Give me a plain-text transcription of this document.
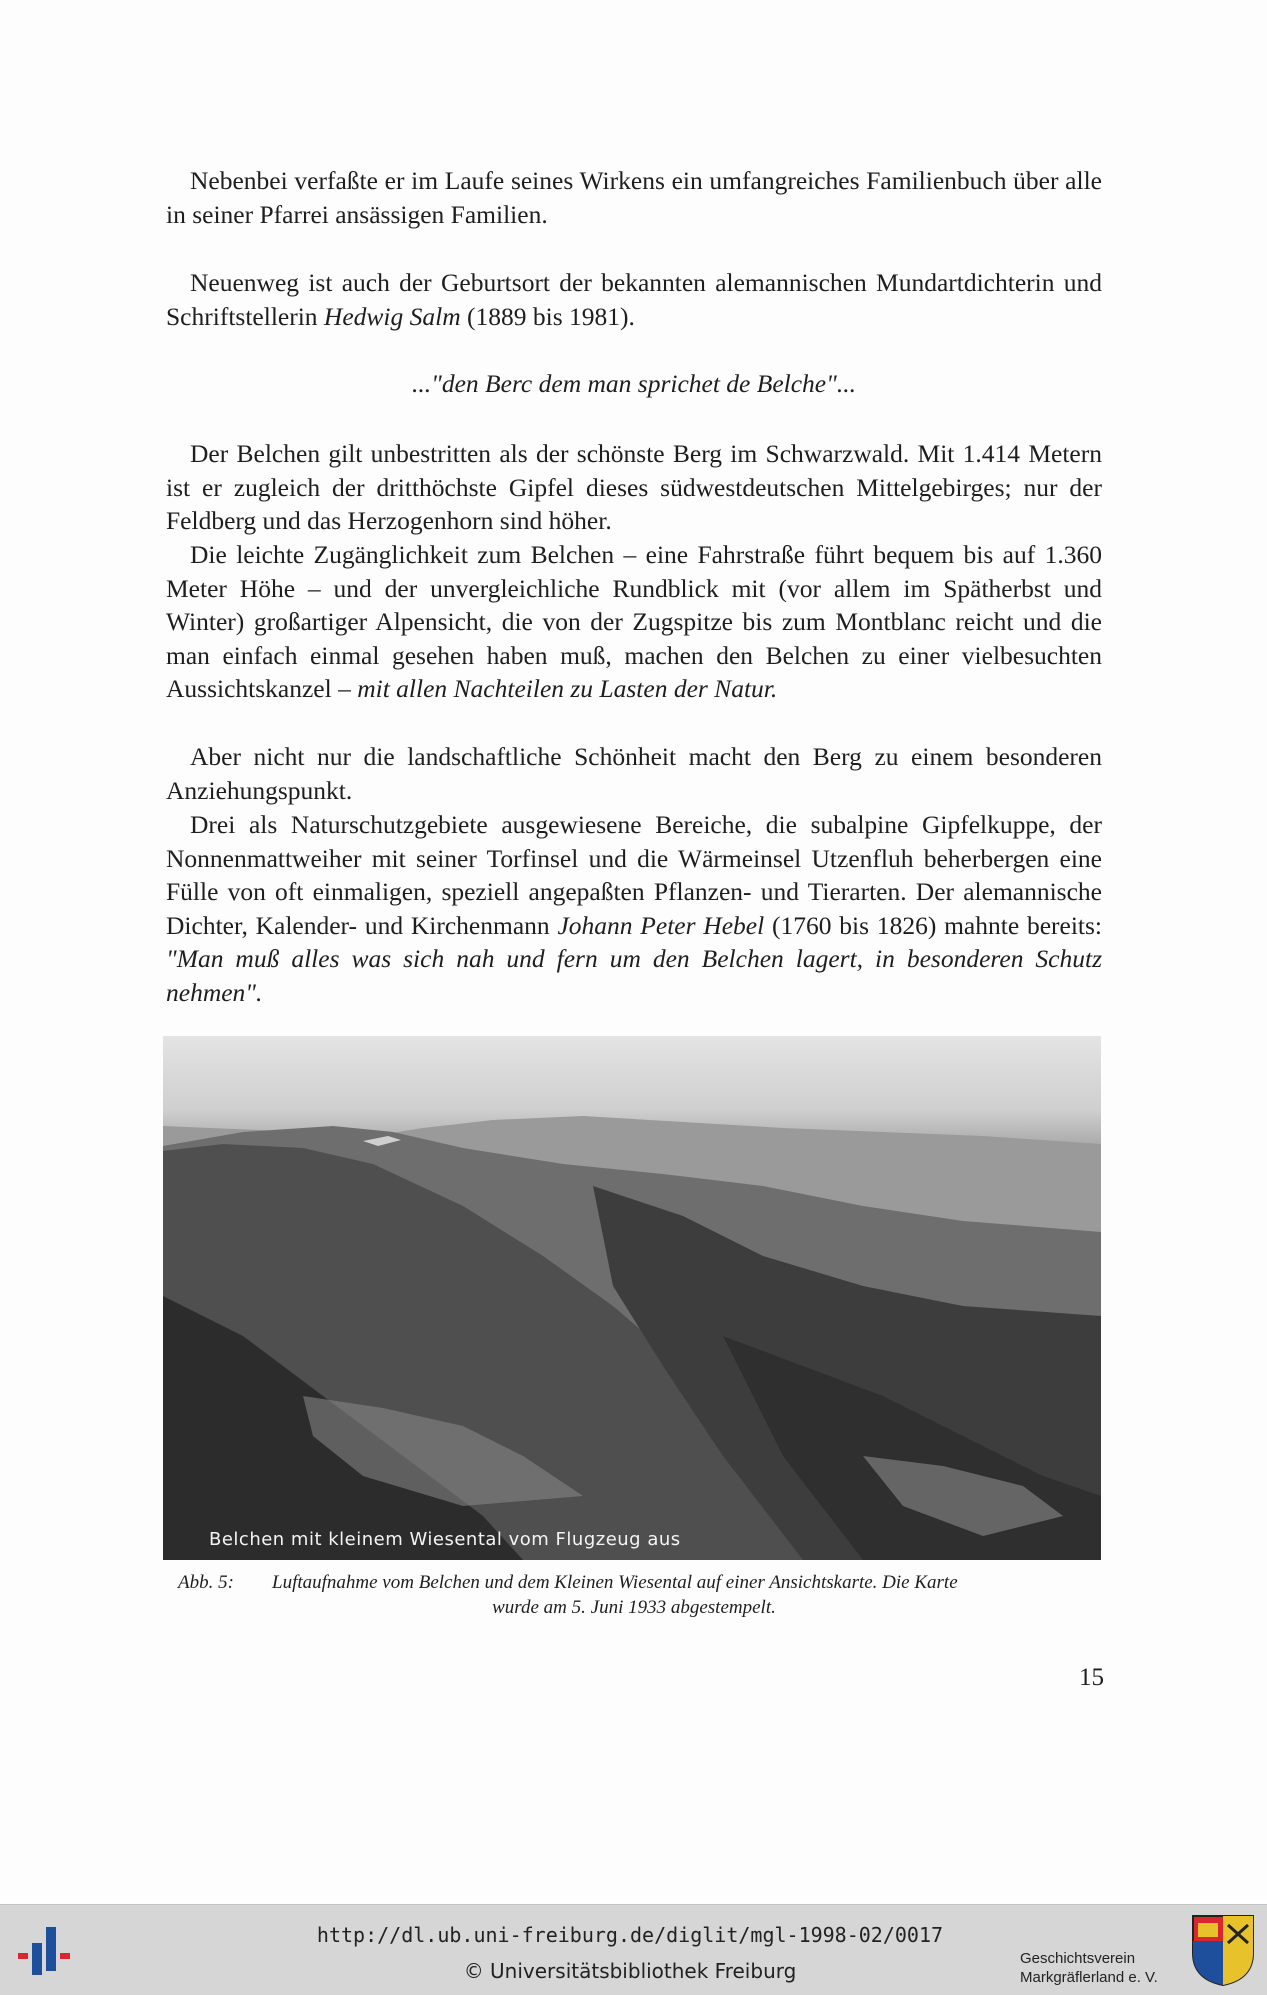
Nebenbei verfaßte er im Laufe seines Wirkens ein umfangreiches Familienbuch über alle in seiner Pfarrei ansässigen Familien.

Neuenweg ist auch der Geburtsort der bekannten alemannischen Mundartdichterin und Schriftstellerin Hedwig Salm (1889 bis 1981).

..."den Berc dem man sprichet de Belche"...

Der Belchen gilt unbestritten als der schönste Berg im Schwarzwald. Mit 1.414 Metern ist er zugleich der dritthöchste Gipfel dieses südwestdeutschen Mittelgebirges; nur der Feldberg und das Herzogenhorn sind höher.

Die leichte Zugänglichkeit zum Belchen – eine Fahrstraße führt bequem bis auf 1.360 Meter Höhe – und der unvergleichliche Rundblick mit (vor allem im Spätherbst und Winter) großartiger Alpensicht, die von der Zugspitze bis zum Montblanc reicht und die man einfach einmal gesehen haben muß, machen den Belchen zu einer vielbesuchten Aussichtskanzel – mit allen Nachteilen zu Lasten der Natur.

Aber nicht nur die landschaftliche Schönheit macht den Berg zu einem besonderen Anziehungspunkt.

Drei als Naturschutzgebiete ausgewiesene Bereiche, die subalpine Gipfelkuppe, der Nonnenmattweiher mit seiner Torfinsel und die Wärmeinsel Utzenfluh beherbergen eine Fülle von oft einmaligen, speziell angepaßten Pflanzen- und Tierarten. Der alemannische Dichter, Kalender- und Kirchenmann Johann Peter Hebel (1760 bis 1826) mahnte bereits: "Man muß alles was sich nah und fern um den Belchen lagert, in besonderen Schutz nehmen".

Belchen mit kleinem Wiesental vom Flugzeug aus

Abb. 5: Luftaufnahme vom Belchen und dem Kleinen Wiesental auf einer Ansichtskarte. Die Karte
wurde am 5. Juni 1933 abgestempelt.

15
http://dl.ub.uni-freiburg.de/diglit/mgl-1998-02/0017
© Universitätsbibliothek Freiburg
Geschichtsverein
Markgräflerland e. V.
